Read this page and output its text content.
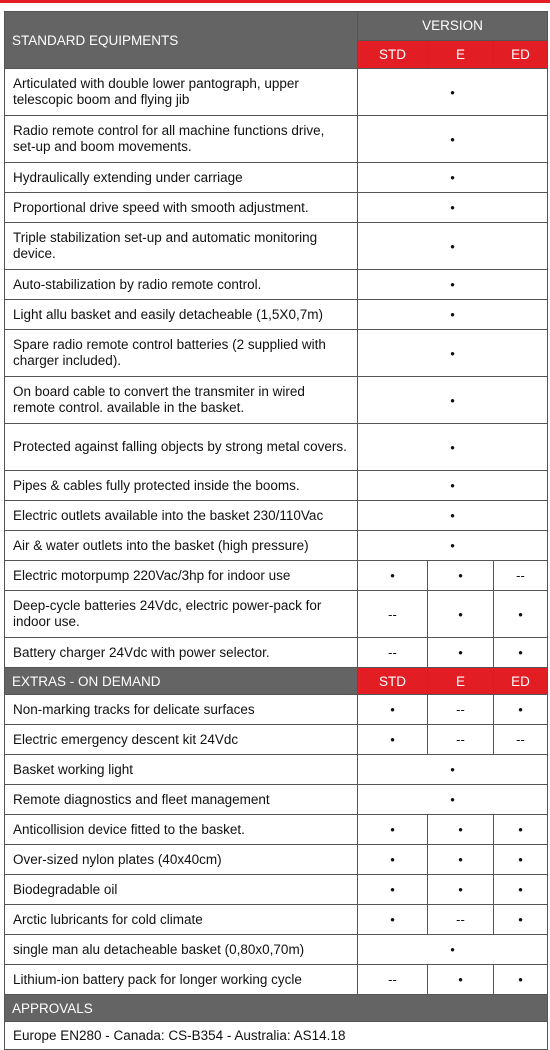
STANDARD EQUIPMENTS	VERSION		
	STD	E	ED
Articulated with double lower pantograph, upper telescopic boom and flying jib	•		
Radio remote control for all machine functions drive, set-up and boom movements.	•		
Hydraulically extending under carriage	•		
Proportional drive speed with smooth adjustment.	•		
Triple stabilization set-up and automatic monitoring device.	•		
Auto-stabilization by radio remote control.	•		
Light allu basket and easily detacheable (1,5X0,7m)	•		
Spare radio remote control batteries (2 supplied with charger included).	•		
On board cable to convert the transmiter in wired remote control. available in the basket.	•		
Protected against falling objects by strong metal covers.	•		
Pipes & cables fully protected inside the booms.	•		
Electric outlets available into the basket 230/110Vac	•		
Air & water outlets into the basket (high pressure)	•		
Electric motorpump 220Vac/3hp for indoor use	•	•	--
Deep-cycle batteries 24Vdc, electric power-pack for indoor use.	--	•	•
Battery charger 24Vdc with power selector.	--	•	•
EXTRAS - ON DEMAND	STD	E	ED
Non-marking tracks for delicate surfaces	•	--	•
Electric emergency descent kit 24Vdc	•	--	--
Basket working light	•		
Remote diagnostics and fleet management	•		
Anticollision device fitted to the basket.	•	•	•
Over-sized nylon plates (40x40cm)	•	•	•
Biodegradable oil	•	•	•
Arctic lubricants for cold climate	•	--	•
single man alu detacheable basket (0,80x0,70m)	•		
Lithium-ion battery pack for longer working cycle	--	•	•
APPROVALS			
Europe EN280 - Canada: CS-B354 - Australia: AS14.18			
